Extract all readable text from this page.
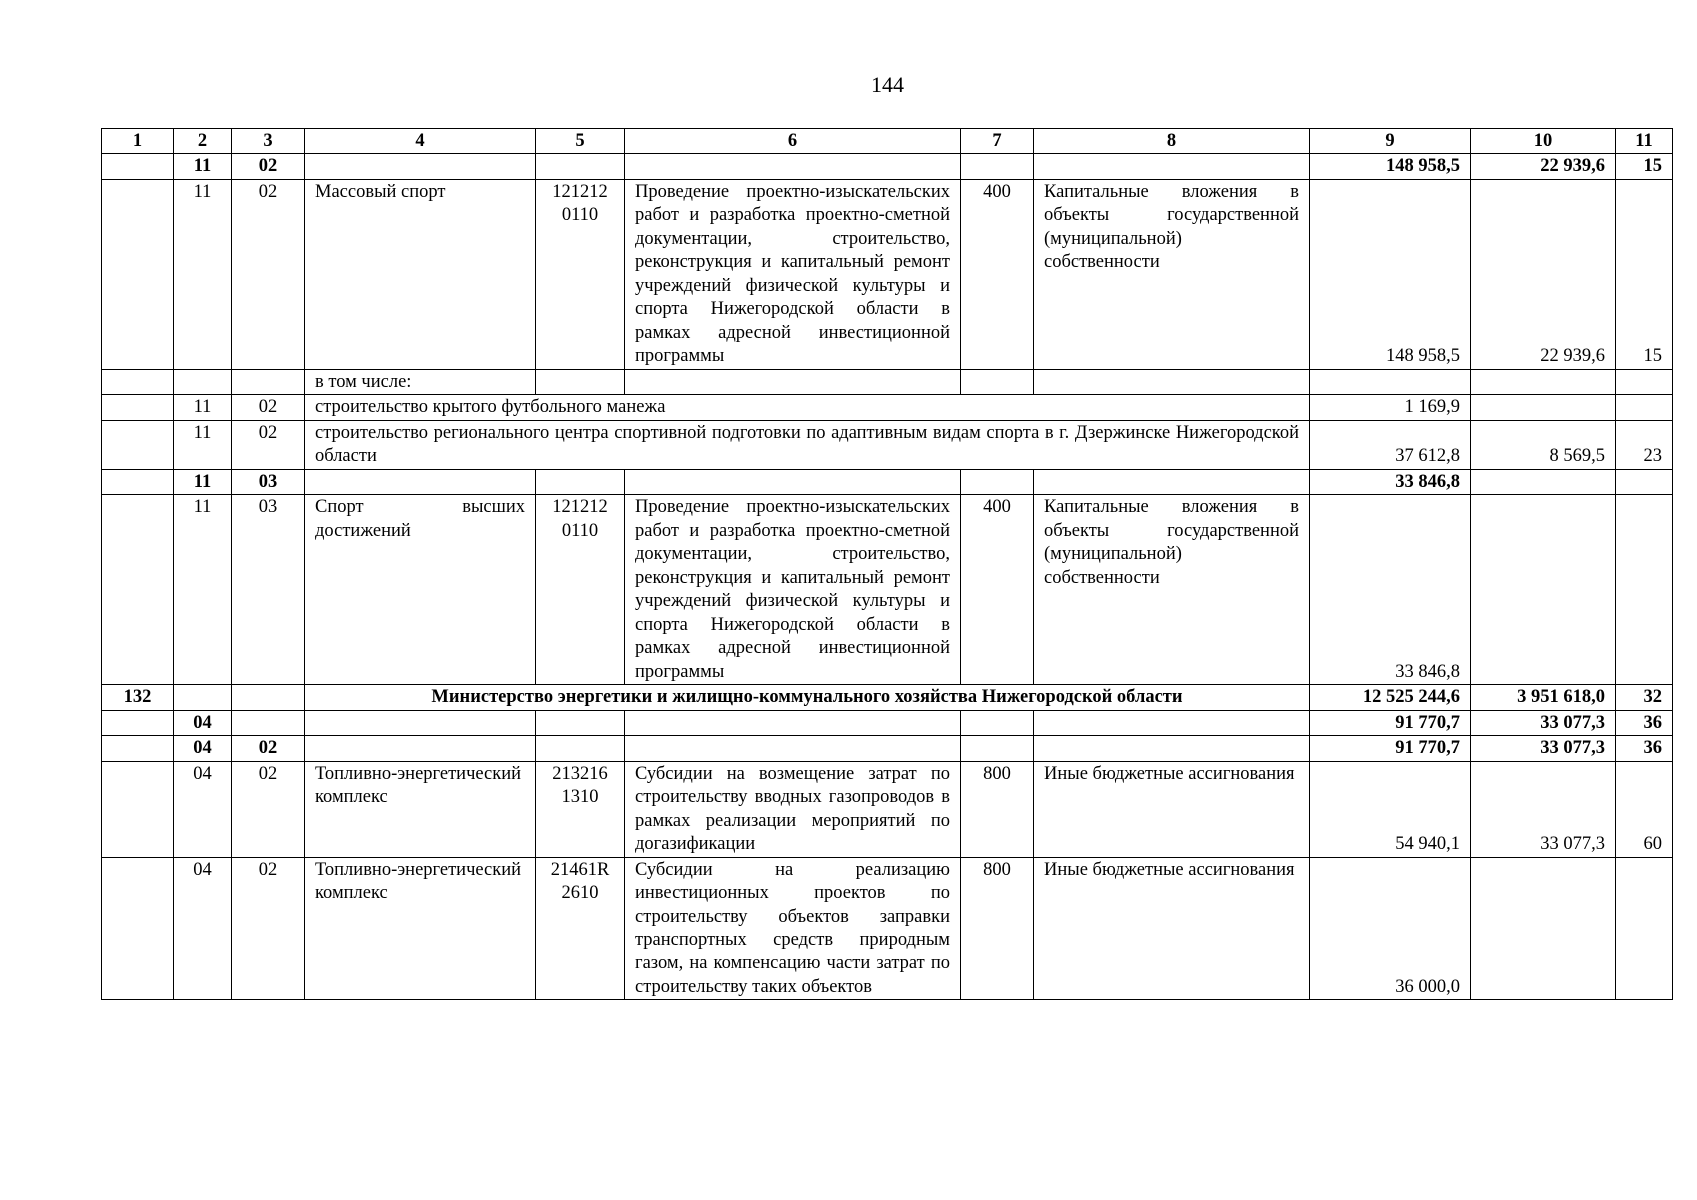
144
1	2	3	4	5	6	7	8	9	10	11
	11	02						148 958,5	22 939,6	15
	11	02	Массовый спорт	121212 0110	Проведение проектно-изыскательских работ и разработка проектно-сметной документации, строительство, реконструкция и капитальный ремонт учреждений физической культуры и спорта Нижегородской области в рамках адресной инвестиционной программы	400	Капитальные вложения в объекты государственной (муниципальной) собственности	148 958,5	22 939,6	15
			в том числе:							
	11	02	строительство крытого футбольного манежа					1 169,9		
	11	02	строительство регионального центра спортивной подготовки по адаптивным видам спорта в г. Дзержинске Нижегородской области					37 612,8	8 569,5	23
	11	03						33 846,8		
	11	03	Спорт высших достижений	121212 0110	Проведение проектно-изыскательских работ и разработка проектно-сметной документации, строительство, реконструкция и капитальный ремонт учреждений физической культуры и спорта Нижегородской области в рамках адресной инвестиционной программы	400	Капитальные вложения в объекты государственной (муниципальной) собственности	33 846,8		
132			Министерство энергетики и жилищно-коммунального хозяйства Нижегородской области					12 525 244,6	3 951 618,0	32
	04							91 770,7	33 077,3	36
	04	02						91 770,7	33 077,3	36
	04	02	Топливно-энергетический комплекс	213216 1310	Субсидии на возмещение затрат по строительству вводных газопроводов в рамках реализации мероприятий по догазификации	800	Иные бюджетные ассигнования	54 940,1	33 077,3	60
	04	02	Топливно-энергетический комплекс	21461R 2610	Субсидии на реализацию инвестиционных проектов по строительству объектов заправки транспортных средств природным газом, на компенсацию части затрат по строительству таких объектов	800	Иные бюджетные ассигнования	36 000,0		
